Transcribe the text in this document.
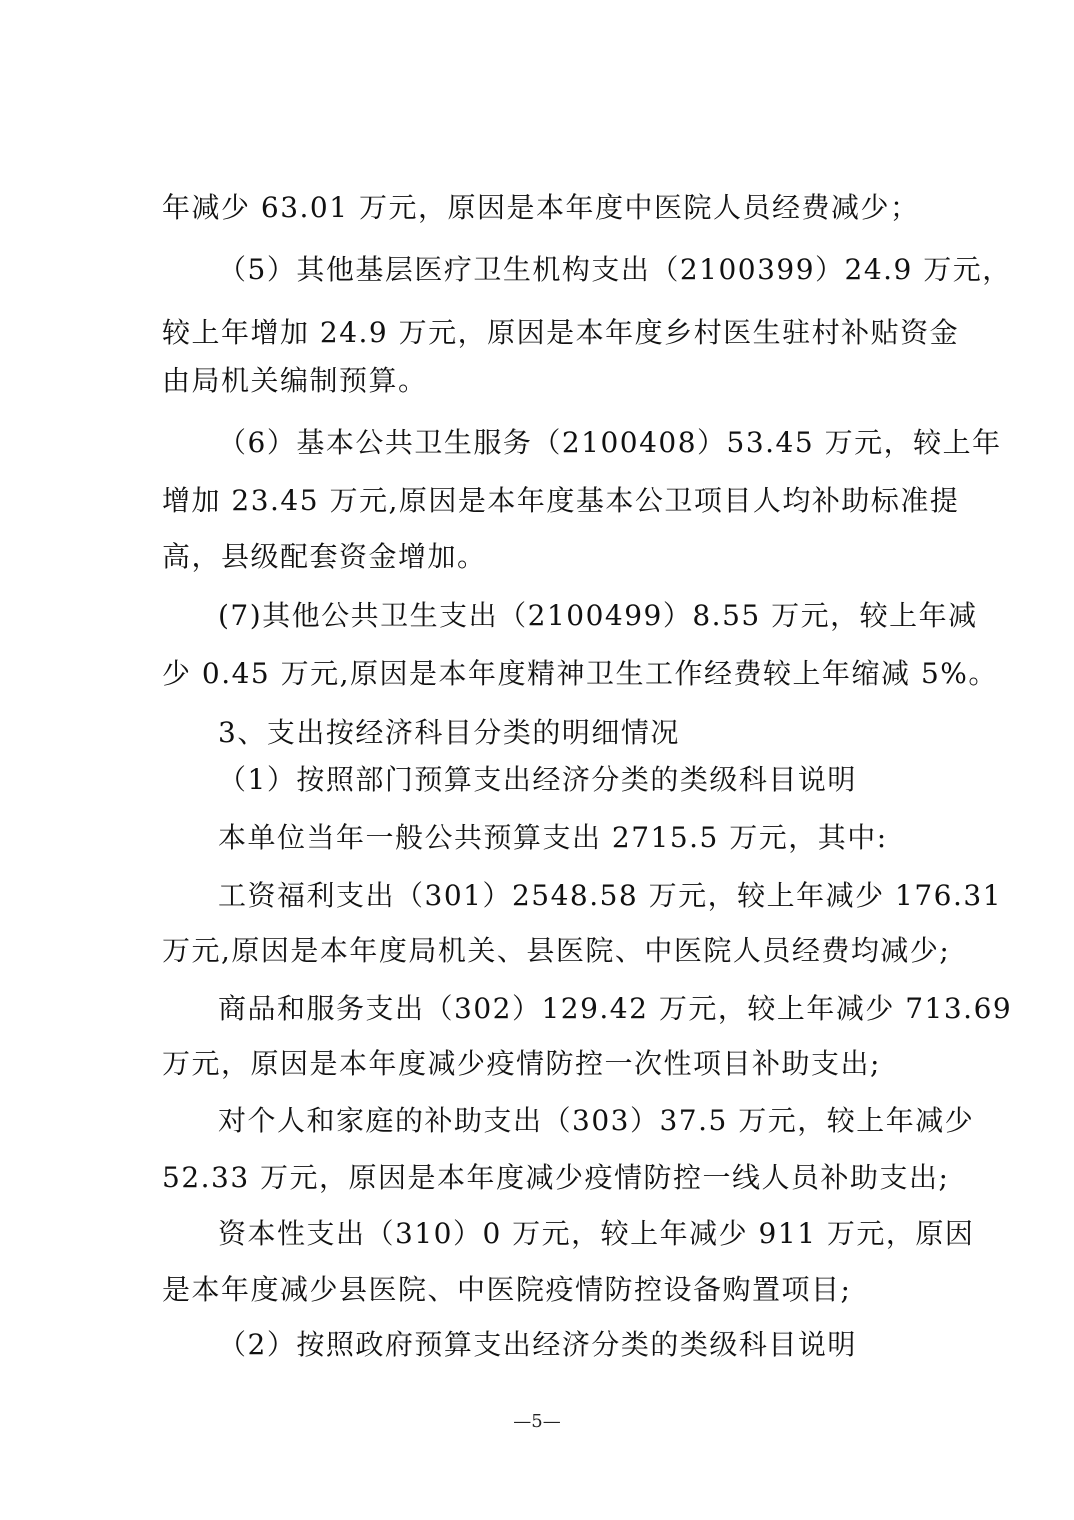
年减少 63.01 万元，原因是本年度中医院人员经费减少；
（5）其他基层医疗卫生机构支出（2100399）24.9 万元，
较上年增加 24.9 万元，原因是本年度乡村医生驻村补贴资金
由局机关编制预算。
（6）基本公共卫生服务（2100408）53.45 万元，较上年
增加 23.45 万元,原因是本年度基本公卫项目人均补助标准提
高，县级配套资金增加。
(7)其他公共卫生支出（2100499）8.55 万元，较上年减
少 0.45 万元,原因是本年度精神卫生工作经费较上年缩减 5%。
3、支出按经济科目分类的明细情况
（1）按照部门预算支出经济分类的类级科目说明
本单位当年一般公共预算支出 2715.5 万元，其中:
工资福利支出（301）2548.58 万元，较上年减少 176.31
万元,原因是本年度局机关、县医院、中医院人员经费均减少;
商品和服务支出（302）129.42 万元，较上年减少 713.69
万元，原因是本年度减少疫情防控一次性项目补助支出;
对个人和家庭的补助支出（303）37.5 万元，较上年减少
52.33 万元，原因是本年度减少疫情防控一线人员补助支出;
资本性支出（310）0 万元，较上年减少 911 万元，原因
是本年度减少县医院、中医院疫情防控设备购置项目;
（2）按照政府预算支出经济分类的类级科目说明
—5—
